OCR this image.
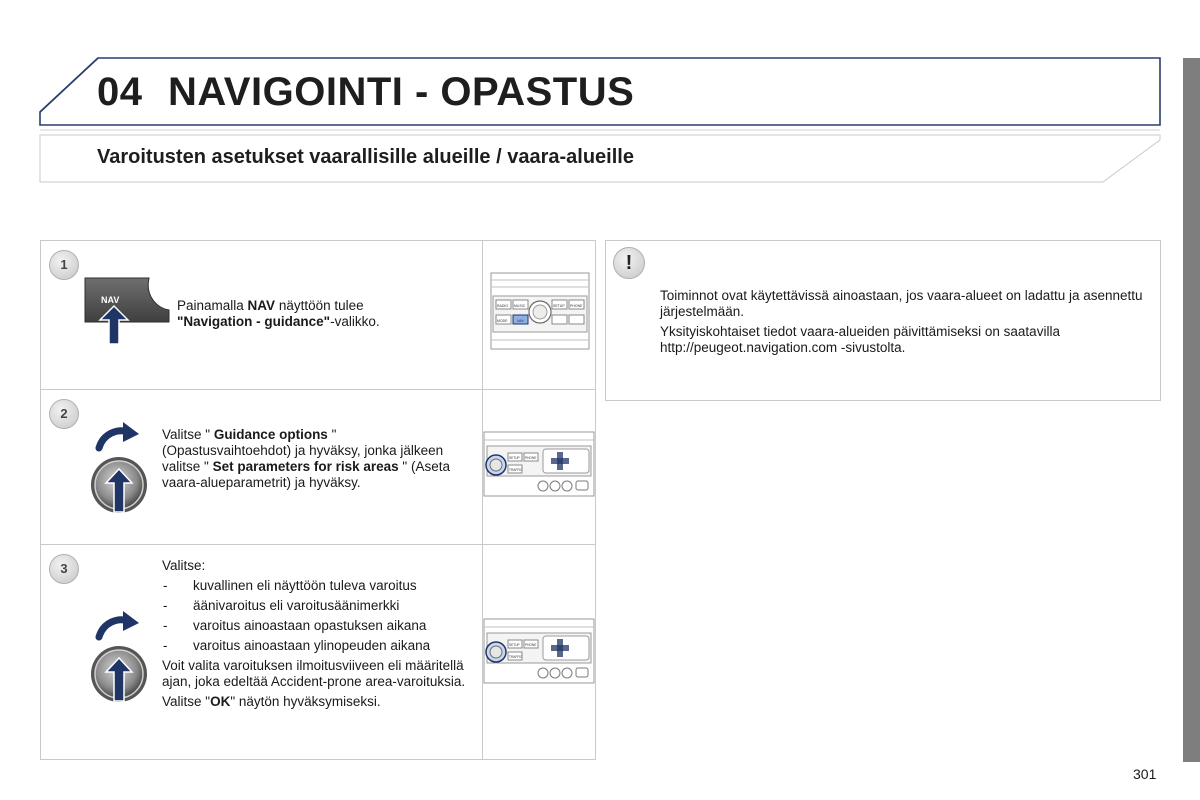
04 NAVIGOINTI - OPASTUS
Varoitusten asetukset vaarallisille alueille / vaara-alueille
1
NAV	Painamalla NAV näyttöön tulee
"Navigation - guidance"-valikko.
RADIO MUSIC	SETUP PHONE
MODE	NAV
2
Valitse " Guidance options " (Opastusvaihtoehdot) ja hyväksy, jonka jälkeen valitse " Set parameters for risk areas " (Aseta vaara-alueparametrit) ja hyväksy.
SETUP PHONE
TRAFFIC
3	Valitse:

- kuvallinen eli näyttöön tuleva varoitus
- äänivaroitus eli varoitusäänimerkki
- varoitus ainoastaan opastuksen aikana
- varoitus ainoastaan ylinopeuden aikana

Voit valita varoituksen ilmoitusviiveen eli määritellä ajan, joka edeltää Accident-prone area-varoituksia.

Valitse "OK" näytön hyväksymiseksi.

SETUP PHONE
TRAFFIC
!

Toiminnot ovat käytettävissä ainoastaan, jos vaara-alueet on ladattu ja asennettu järjestelmään.

Yksityiskohtaiset tiedot vaara-alueiden päivittämiseksi on saatavilla http://peugeot.navigation.com -sivustolta.

301
